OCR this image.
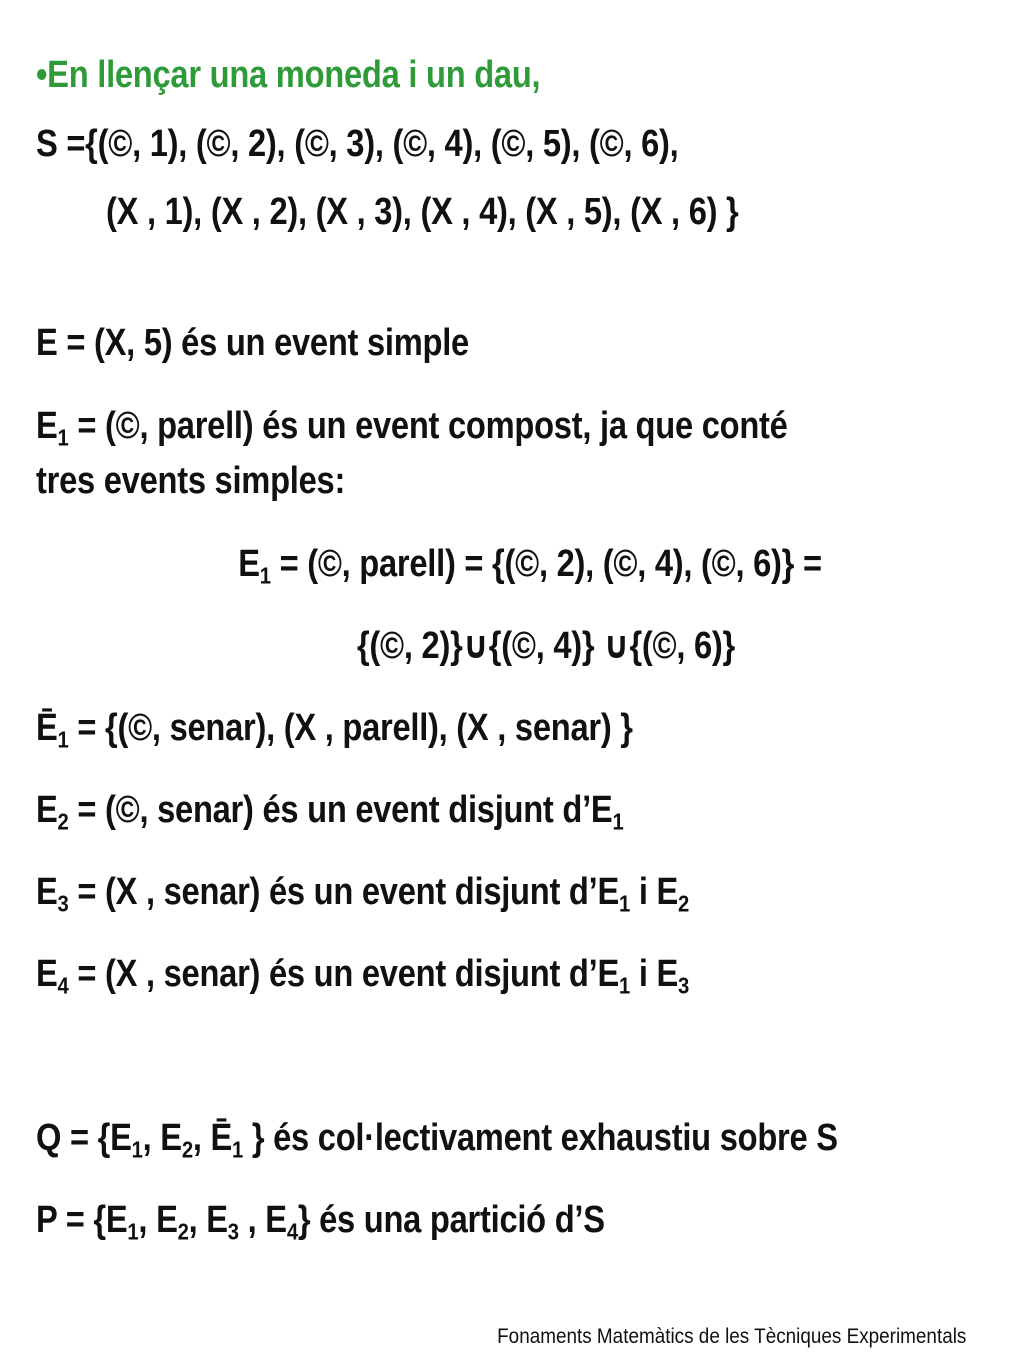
•En llençar una moneda i un dau,
S ={(©, 1), (©, 2), (©, 3), (©, 4), (©, 5), (©, 6),
(X , 1), (X , 2), (X , 3), (X , 4), (X , 5), (X , 6) }
E = (X, 5) és un event simple
$E_1$ = (©, parell) és un event compost, ja que conté
tres events simples:
$E_1$ = (©, parell) = {(©, 2), (©, 4), (©, 6)} =
{(©, 2)}∪{(©, 4)} ∪{(©, 6)}
$Ē_1$ = {(©, senar), (X , parell), (X , senar) }
$E_2$ = (©, senar) és un event disjunt $d’E_1$
$E_3 = (X$ , senar) és un event disjunt $d’E_1$ i $E_2$
$E_4 = (X$ , senar) és un event disjunt $d’E_1$ i $E_3$
$Q = \{E_1$, $E_2$, $Ē_1$ } és col·lectivament exhaustiu sobre S
$P = \{E_1$, $E_2$, $E_3$ , $E_4$} és una partició d’S
Fonaments Matemàtics de les Tècniques Experimentals
